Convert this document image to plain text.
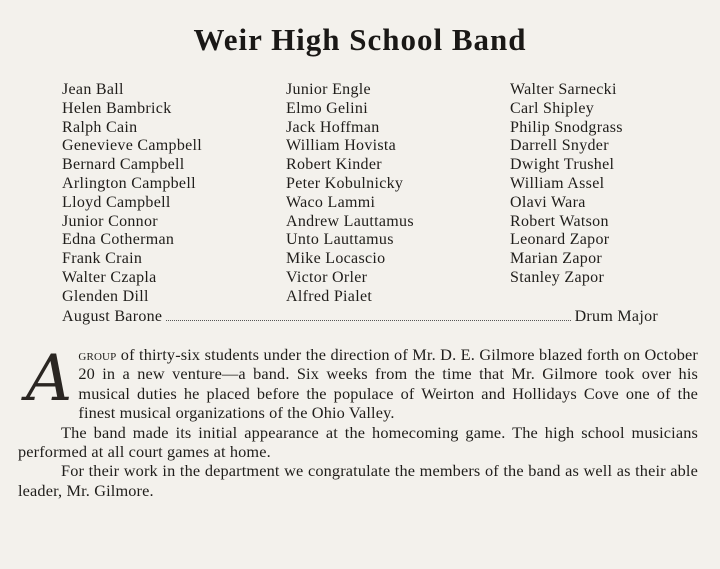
Weir High School Band
Jean Ball
Helen Bambrick
Ralph Cain
Genevieve Campbell
Bernard Campbell
Arlington Campbell
Lloyd Campbell
Junior Connor
Edna Cotherman
Frank Crain
Walter Czapla
Glenden Dill
Junior Engle
Elmo Gelini
Jack Hoffman
William Hovista
Robert Kinder
Peter Kobulnicky
Waco Lammi
Andrew Lauttamus
Unto Lauttamus
Mike Locascio
Victor Orler
Alfred Pialet
Walter Sarnecki
Carl Shipley
Philip Snodgrass
Darrell Snyder
Dwight Trushel
William Assel
Olavi Wara
Robert Watson
Leonard Zapor
Marian Zapor
Stanley Zapor
August Barone	Drum Major

Agroup of thirty-six students under the direction of Mr. D. E. Gilmore blazed forth on October 20 in a new venture—a band. Six weeks from the time that Mr. Gilmore took over his musical duties he placed before the populace of Weirton and Hollidays Cove one of the finest musical organizations of the Ohio Valley.

The band made its initial appearance at the homecoming game. The high school musicians performed at all court games at home.

For their work in the department we congratulate the members of the band as well as their able leader, Mr. Gilmore.
